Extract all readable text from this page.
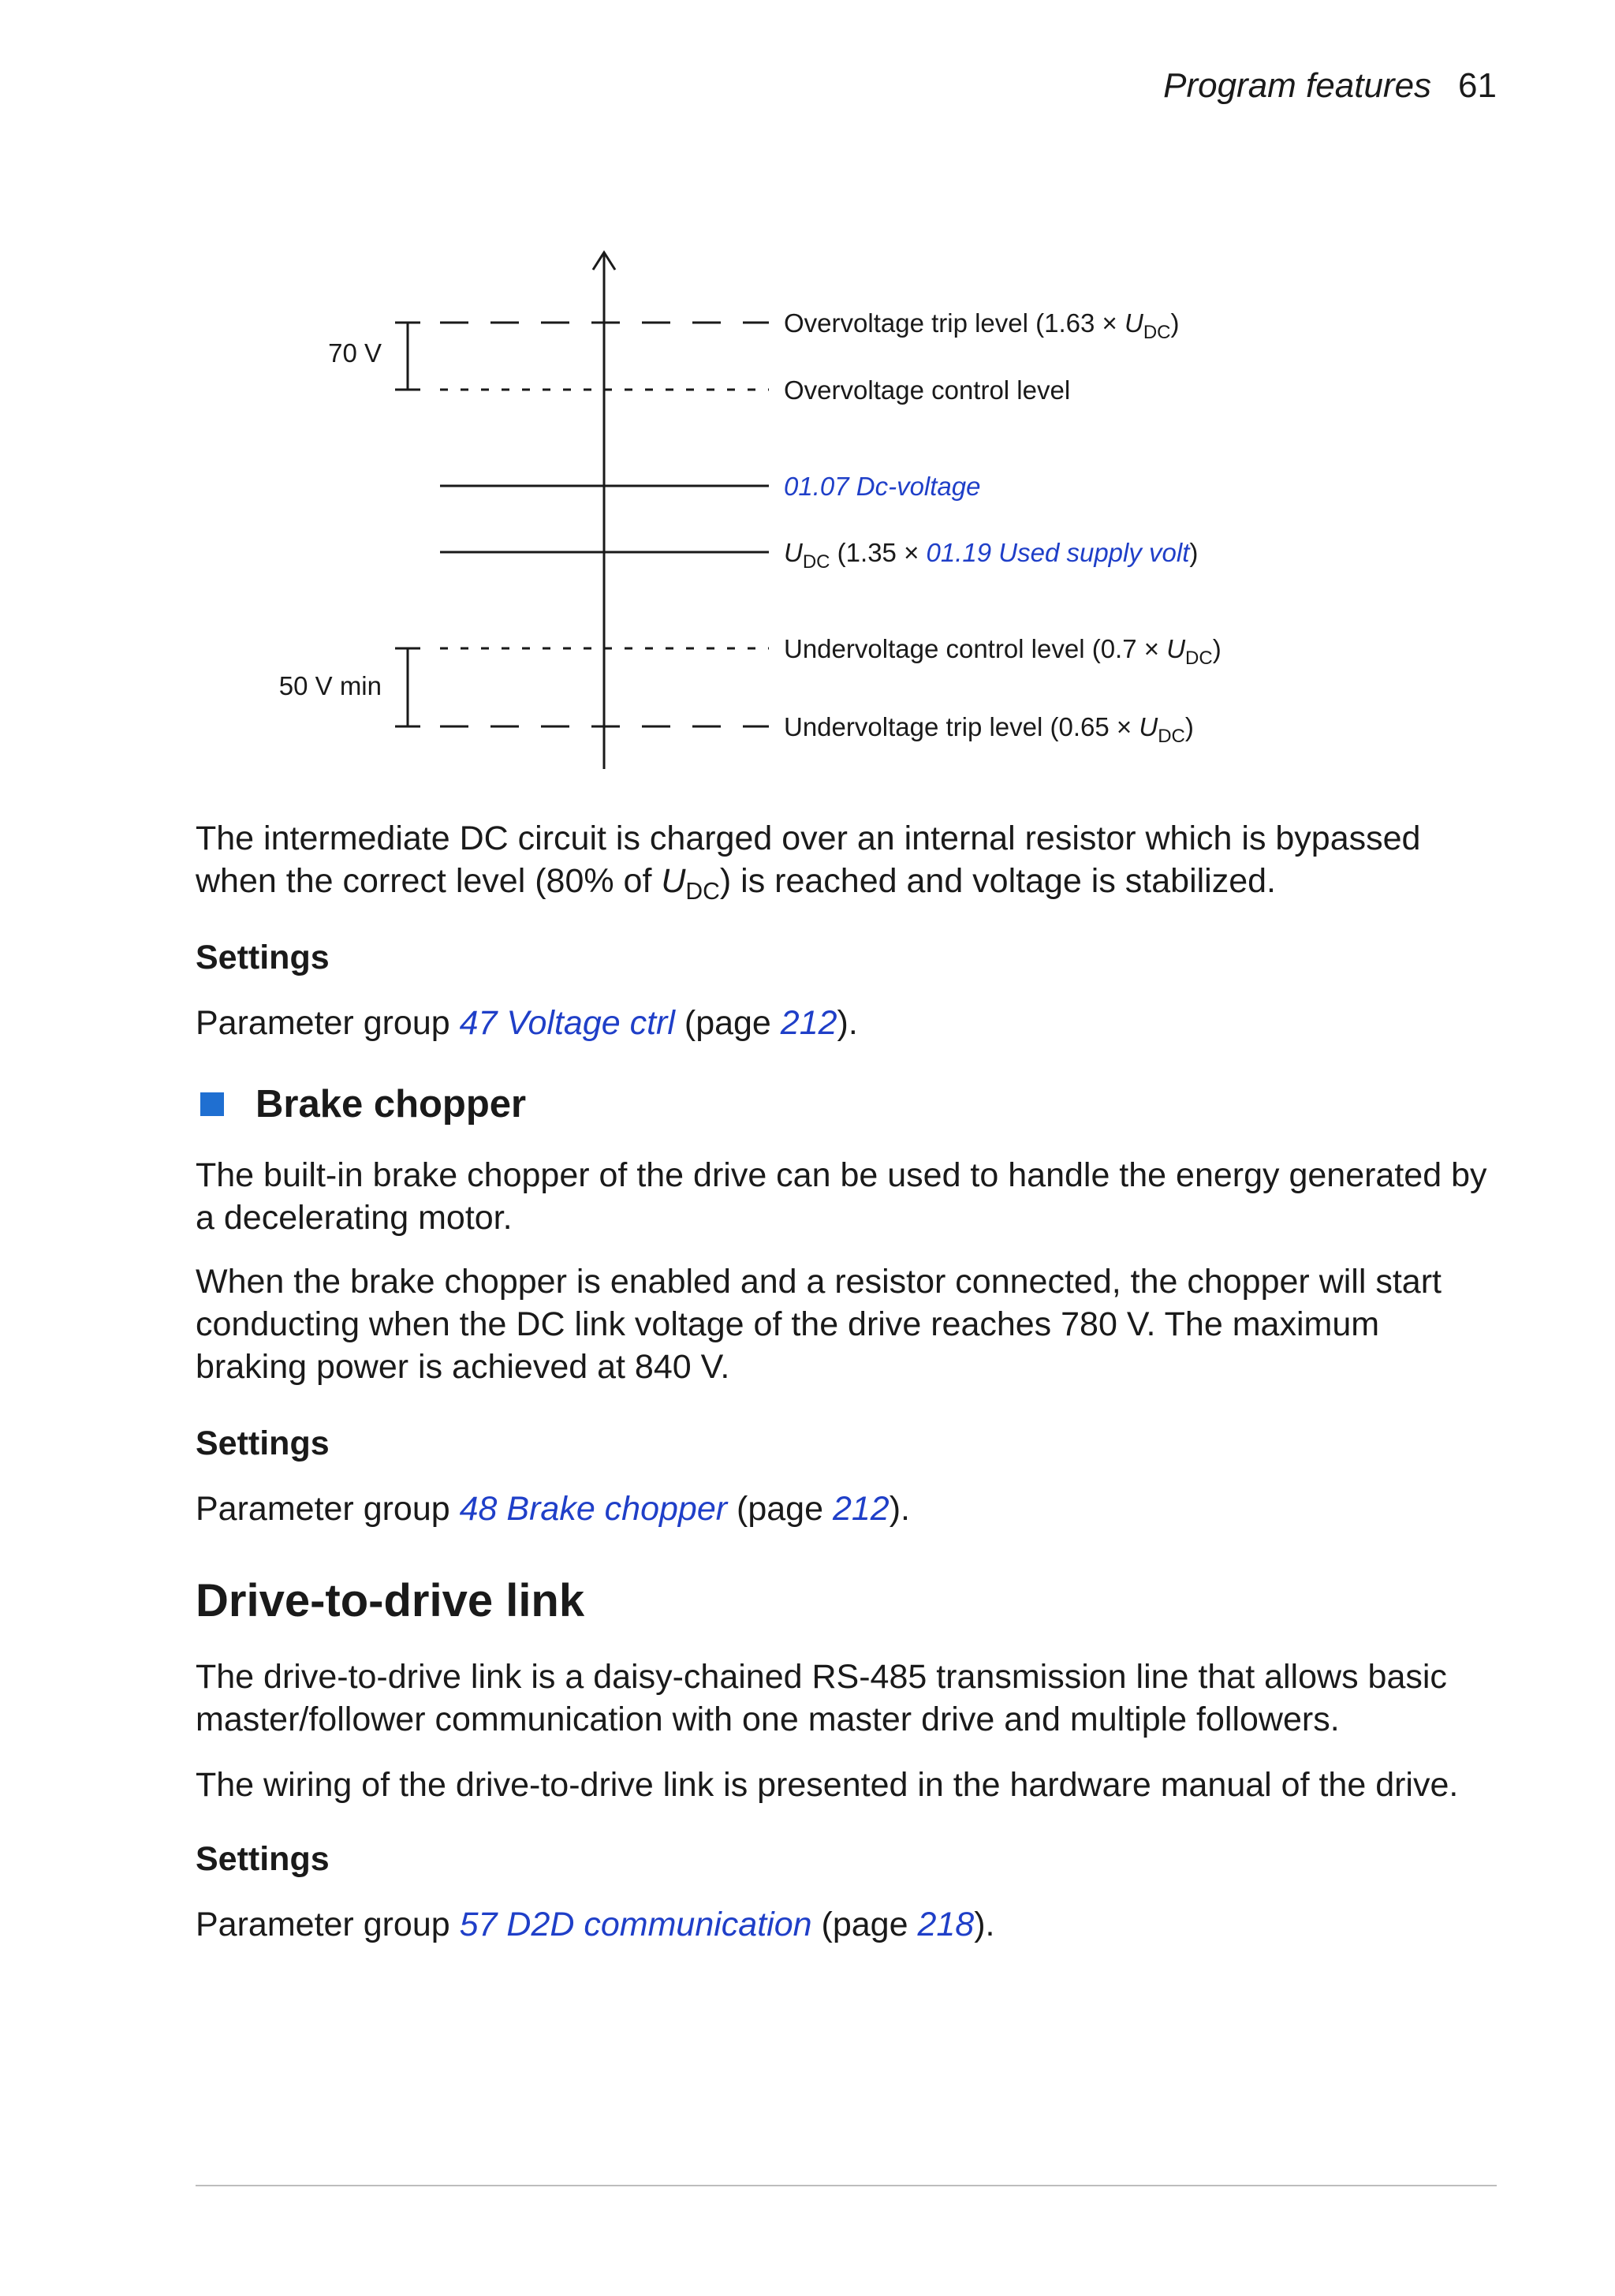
Program features 61
70 V
50 V min
Overvoltage trip level $(1.63 \times U_{DC})$
Overvoltage control level
01.07 Dc-voltage
$U_{DC}$ (1.35 × 01.19 Used supply volt)
Undervoltage control level $(0.7 \times U_{DC})$
Undervoltage trip level $(0.65 \times U_{DC})$
The intermediate DC circuit is charged over an internal resistor which is bypassed
when the correct level (80% of $U_{DC}$) is reached and voltage is stabilized.
Settings
Parameter group 47 Voltage ctrl (page 212).
Brake chopper
The built-in brake chopper of the drive can be used to handle the energy generated by a decelerating motor.
When the brake chopper is enabled and a resistor connected, the chopper will start conducting when the DC link voltage of the drive reaches 780 V. The maximum braking power is achieved at 840 V.
Settings
Parameter group 48 Brake chopper (page 212).
Drive-to-drive link
The drive-to-drive link is a daisy-chained RS-485 transmission line that allows basic master/follower communication with one master drive and multiple followers.
The wiring of the drive-to-drive link is presented in the hardware manual of the drive.
Settings
Parameter group 57 D2D communication (page 218).
